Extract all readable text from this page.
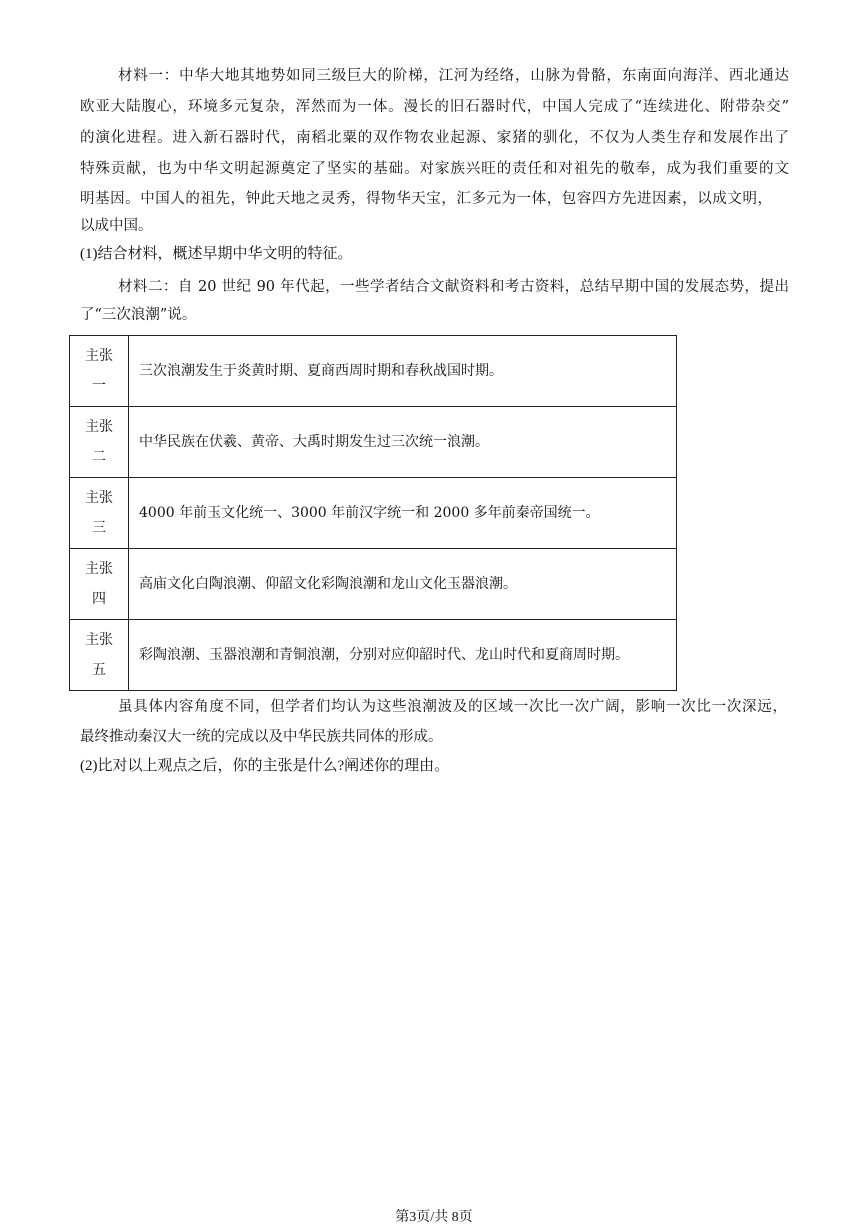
材料一：中华大地其地势如同三级巨大的阶梯，江河为经络，山脉为骨骼，东南面向海洋、西北通达
欧亚大陆腹心，环境多元复杂，浑然而为一体。漫长的旧石器时代，中国人完成了“连续进化、附带杂交”
的演化进程。进入新石器时代，南稻北粟的双作物农业起源、家猪的驯化，不仅为人类生存和发展作出了
特殊贡献，也为中华文明起源奠定了坚实的基础。对家族兴旺的责任和对祖先的敬奉，成为我们重要的文
明基因。中国人的祖先，钟此天地之灵秀，得物华天宝，汇多元为一体，包容四方先进因素，以成文明，
以成中国。
(1)结合材料，概述早期中华文明的特征。
材料二：自 20 世纪 90 年代起，一些学者结合文献资料和考古资料，总结早期中国的发展态势，提出
了“三次浪潮”说。
主张
一	三次浪潮发生于炎黄时期、夏商西周时期和春秋战国时期。

主张
二	中华民族在伏羲、黄帝、大禹时期发生过三次统一浪潮。

主张
三	4000 年前玉文化统一、3000 年前汉字统一和 2000 多年前秦帝国统一。

主张
四	高庙文化白陶浪潮、仰韶文化彩陶浪潮和龙山文化玉器浪潮。

主张
五	彩陶浪潮、玉器浪潮和青铜浪潮，分别对应仰韶时代、龙山时代和夏商周时期。
虽具体内容角度不同，但学者们均认为这些浪潮波及的区域一次比一次广阔，影响一次比一次深远，
最终推动秦汉大一统的完成以及中华民族共同体的形成。
(2)比对以上观点之后，你的主张是什么?阐述你的理由。
第3页/共 8页
